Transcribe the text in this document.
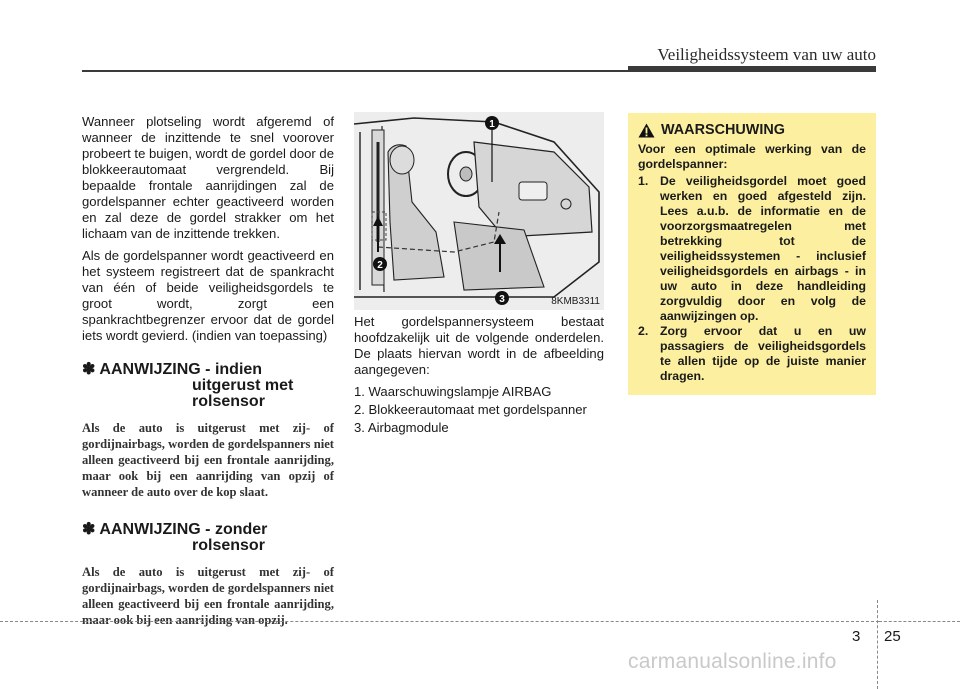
Veiligheidssysteem van uw auto

Wanneer plotseling wordt afgeremd of wanneer de inzittende te snel voorover probeert te buigen, wordt de gordel door de blokkeerautomaat vergrendeld. Bij bepaalde frontale aanrijdingen zal de gordelspanner echter geactiveerd worden en zal deze de gordel strakker om het lichaam van de inzittende trekken.

Als de gordelspanner wordt geactiveerd en het systeem registreert dat de spankracht van één of beide veiligheidsgordels te groot wordt, zorgt een spankrachtbegrenzer ervoor dat de gordel iets wordt gevierd. (indien van toepassing)

✽ AANWIJZING - indien
uitgerust met
rolsensor

Als de auto is uitgerust met zij- of gordijnairbags, worden de gordelspanners niet alleen geactiveerd bij een frontale aanrijding, maar ook bij een aanrijding van opzij of wanneer de auto over de kop slaat.

✽ AANWIJZING - zonder
rolsensor

Als de auto is uitgerust met zij- of gordijnairbags, worden de gordelspanners niet alleen geactiveerd bij een frontale aanrijding, maar ook bij een aanrijding van opzij.

1
2
3	8KMB3311

Het gordelspannersysteem bestaat hoofdzakelijk uit de volgende onderdelen. De plaats hiervan wordt in de afbeelding aangegeven:

1. Waarschuwingslampje AIRBAG
2. Blokkeerautomaat met gordelspanner
3. Airbagmodule
WAARSCHUWING

Voor een optimale werking van de gordelspanner:

1. De veiligheidsgordel moet goed werken en goed afgesteld zijn. Lees a.u.b. de informatie en de voorzorgsmaatregelen met betrekking tot de veiligheidssystemen - inclusief veiligheidsgordels en airbags - in uw auto in deze handleiding zorgvuldig door en volg de aanwijzingen op.
2. Zorg ervoor dat u en uw passagiers de veiligheidsgordels te allen tijde op de juiste manier dragen.
3 25
carmanualsonline.info
